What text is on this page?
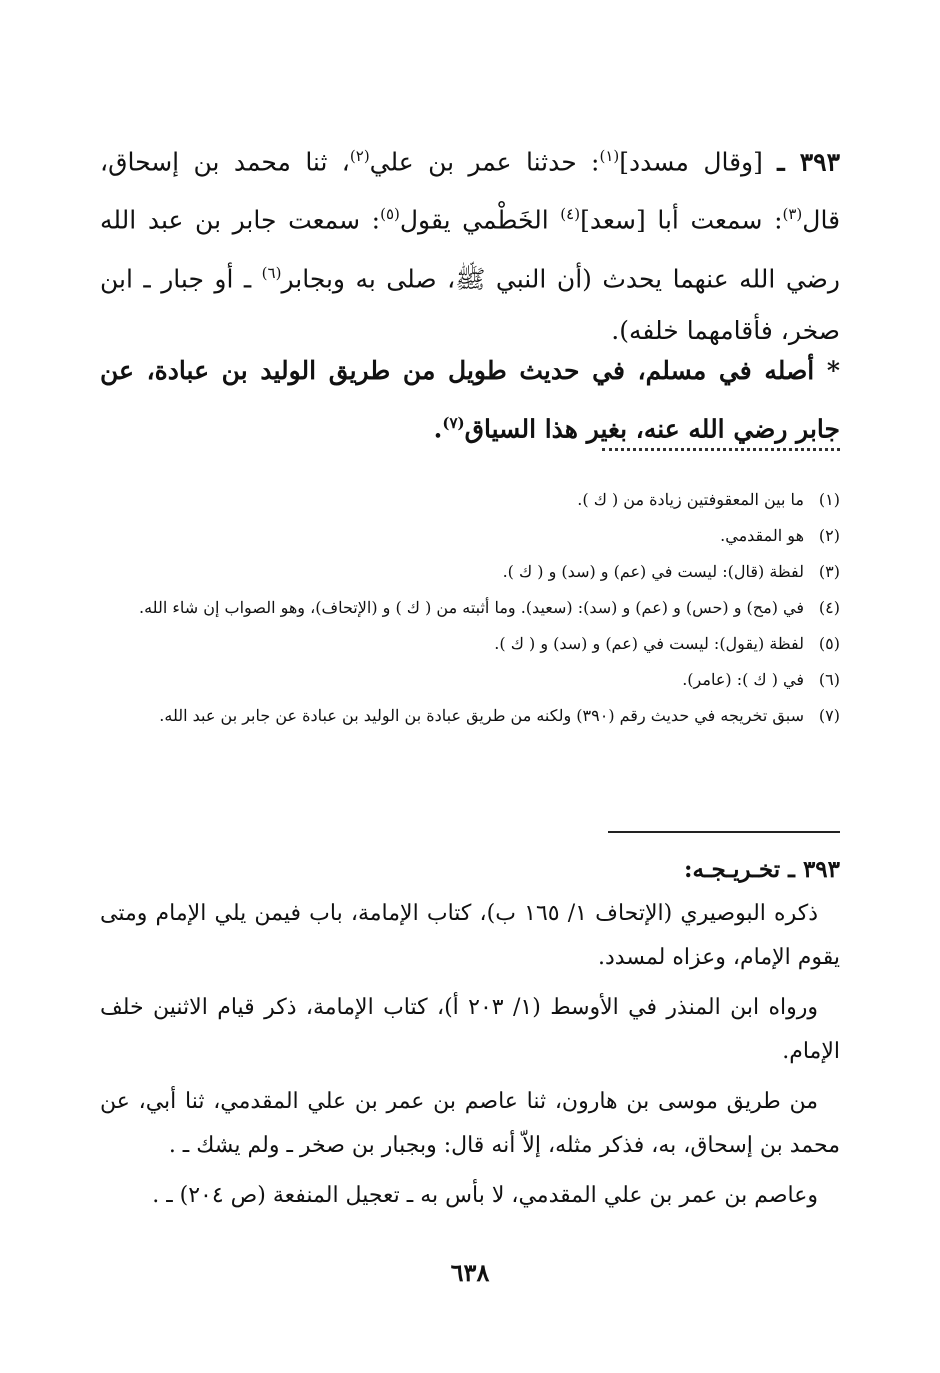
٣٩٣ ـ [وقال مسدد]$^{(١)}$: حدثنا عمر بن علي$^{(٢)}$، ثنا محمد بن إسحاق، قال$^{(٣)}$: سمعت أبا [سعد]$^{(٤)}$ الخَطْمي يقول$^{(٥)}$: سمعت جابر بن عبد الله رضي الله عنهما يحدث (أن النبي ﷺ، صلى به وبجابر$^{(٦)}$ ـ أو جبار ـ ابن صخر، فأقامهما خلفه).
* أصله في مسلم، في حديث طويل من طريق الوليد بن عبادة، عن جابر رضي الله عنه، بغير هذا السياق$^{(٧)}$.
(١)
ما بين المعقوفتين زيادة من ( ك ).
(٢)
هو المقدمي.
(٣)
لفظة (قال): ليست في (عم) و (سد) و ( ك ).
(٤)
في (مح) و (حس) و (عم) و (سد): (سعيد). وما أثبته من ( ك ) و (الإتحاف)، وهو الصواب إن شاء الله.
(٥)
لفظة (يقول): ليست في (عم) و (سد) و ( ك ).
(٦)
في ( ك ): (عامر).
(٧)
سبق تخريجه في حديث رقم (٣٩٠) ولكنه من طريق عبادة بن الوليد بن عبادة عن جابر بن عبد الله.
٣٩٣ ـ تخـريـجـه:

ذكره البوصيري (الإتحاف ١/ ١٦٥ ب)، كتاب الإمامة، باب فيمن يلي الإمام ومتى يقوم الإمام، وعزاه لمسدد.

ورواه ابن المنذر في الأوسط (١/ ٢٠٣ أ)، كتاب الإمامة، ذكر قيام الاثنين خلف الإمام.

من طريق موسى بن هارون، ثنا عاصم بن عمر بن علي المقدمي، ثنا أبي، عن محمد بن إسحاق، به، فذكر مثله، إلاّ أنه قال: وبجبار بن صخر ـ ولم يشك ـ .

وعاصم بن عمر بن علي المقدمي، لا بأس به ـ تعجيل المنفعة (ص ٢٠٤) ـ .

٦٣٨
